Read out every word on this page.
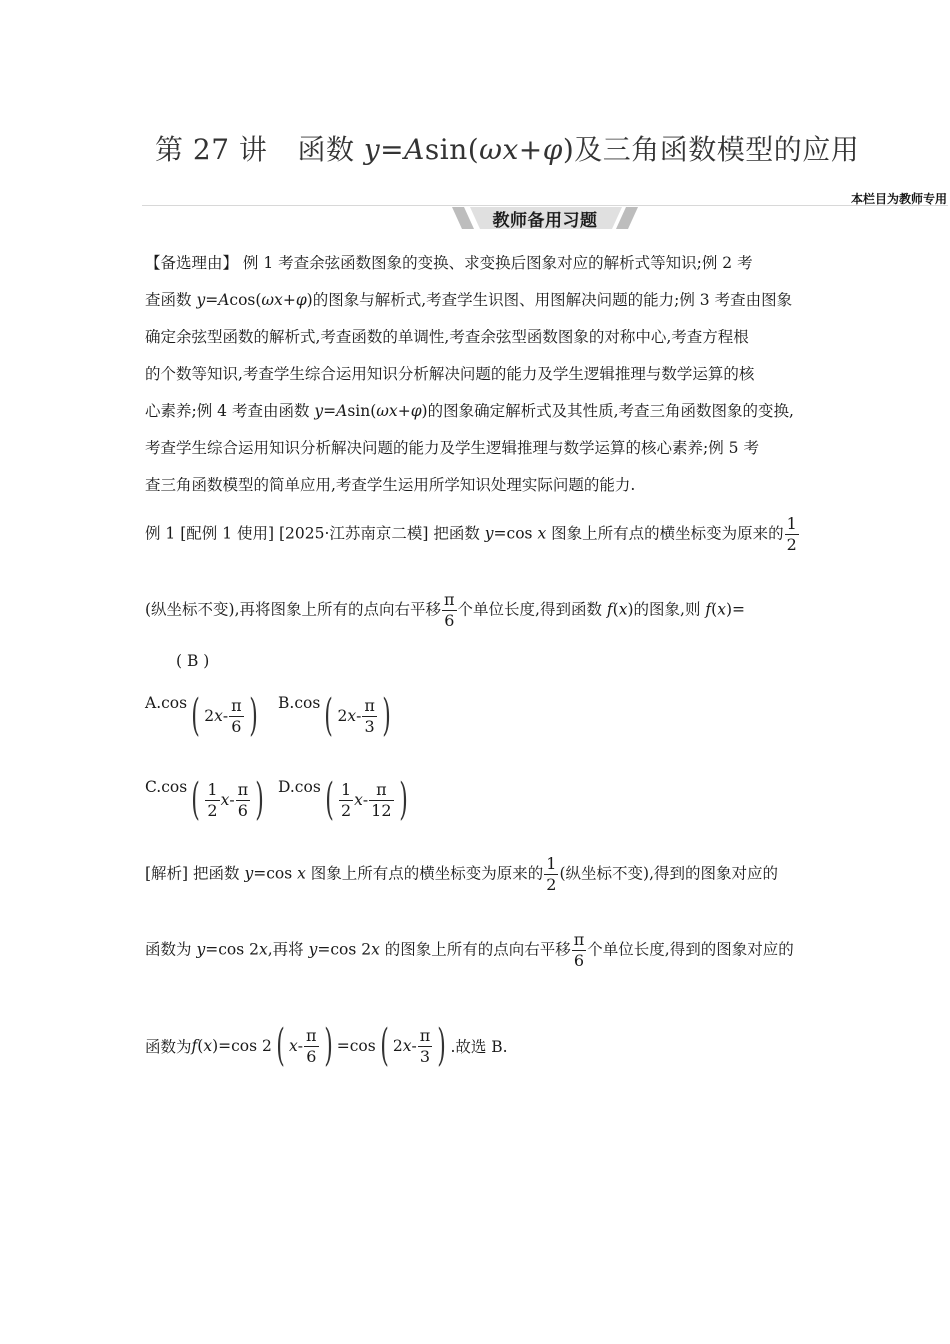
第 27 讲 函数 y=Asin(ωx+φ)及三角函数模型的应用
本栏目为教师专用
教师备用习题
【备选理由】 例 1 考查余弦函数图象的变换、求变换后图象对应的解析式等知识;例 2 考
查函数 y=Acos(ωx+φ)的图象与解析式,考查学生识图、用图解决问题的能力;例 3 考查由图象
确定余弦型函数的解析式,考查函数的单调性,考查余弦型函数图象的对称中心,考查方程根
的个数等知识,考查学生综合运用知识分析解决问题的能力及学生逻辑推理与数学运算的核
心素养;例 4 考查由函数 y=Asin(ωx+φ)的图象确定解析式及其性质,考查三角函数图象的变换,
考查学生综合运用知识分析解决问题的能力及学生逻辑推理与数学运算的核心素养;例 5 考
查三角函数模型的简单应用,考查学生运用所学知识处理实际问题的能力.
例 1 [配例 1 使用] [2025·江苏南京二模] 把函数 y=cos x 图象上所有点的横坐标变为原来的 $\frac{1}{2}$
(纵坐标不变),再将图象上所有的点向右平移 $\frac{\pi}{6}$ 个单位长度,得到函数 f(x)的图象,则 f(x)=
( B )
A.cos( $2x- \frac{\pi}{6}$ ) B.cos( $2x- \frac{\pi}{3}$ )
$C.\cos( \frac{1}{2} x- \frac{\pi}{6}$ ) $D.\cos( \frac{1}{2} x- \frac{\pi}{12}$ )
[解析] 把函数 y=cos x 图象上所有点的横坐标变为原来的 $\frac{1}{2}$ (纵坐标不变),得到的图象对应的
函数为 y=cos 2x,再将 y=cos 2x 的图象上所有的点向右平移 $\frac{\pi}{6}$ 个单位长度,得到的图象对应的
函数为f(x)=cos 2( $x- \frac{\pi}{6}$ ) =cos( $2x- \frac{\pi}{3}$ ) .故选 B.
